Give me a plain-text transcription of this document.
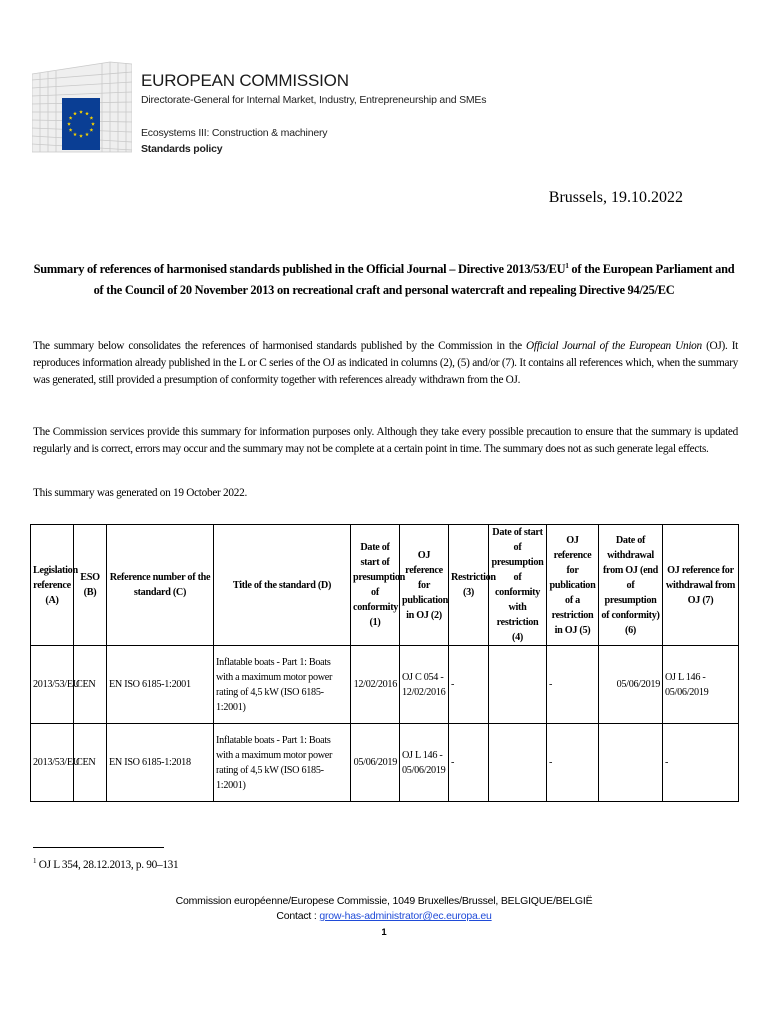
EUROPEAN COMMISSION
Directorate-General for Internal Market, Industry, Entrepreneurship and SMEs
Ecosystems III: Construction & machinery
Standards policy
Brussels, 19.10.2022
Summary of references of harmonised standards published in the Official Journal – Directive $2013/53/EU^1$ of the European Parliament and of the Council of 20 November 2013 on recreational craft and personal watercraft and repealing Directive 94/25/EC
The summary below consolidates the references of harmonised standards published by the Commission in the Official Journal of the European Union (OJ). It reproduces information already published in the L or C series of the OJ as indicated in columns (2), (5) and/or (7). It contains all references which, when the summary was generated, still provided a presumption of conformity together with references already withdrawn from the OJ.
The Commission services provide this summary for information purposes only. Although they take every possible precaution to ensure that the summary is updated regularly and is correct, errors may occur and the summary may not be complete at a certain point in time. The summary does not as such generate legal effects.
This summary was generated on 19 October 2022.
Legislation reference (A)	ESO (B)	Reference number of the standard (C)	Title of the standard (D)	Date of start of presumption of conformity (1)	OJ reference for publication in OJ (2)	Restriction (3)	Date of start of presumption of conformity with restriction (4)	OJ reference for publication of a restriction in OJ (5)	Date of withdrawal from OJ (end of presumption of conformity) (6)	OJ reference for withdrawal from OJ (7)
2013/53/EU	CEN	EN ISO 6185-1:2001	Inflatable boats - Part 1: Boats with a maximum motor power rating of 4,5 kW (ISO 6185-1:2001)	12/02/2016	OJ C 054 - 12/02/2016	-		-	05/06/2019	OJ L 146 - 05/06/2019
2013/53/EU	CEN	EN ISO 6185-1:2018	Inflatable boats - Part 1: Boats with a maximum motor power rating of 4,5 kW (ISO 6185-1:2001)	05/06/2019	OJ L 146 - 05/06/2019	-		-		-
$^1$ OJ L 354, 28.12.2013, p. 90–131
Commission européenne/Europese Commissie, 1049 Bruxelles/Brussel, BELGIQUE/BELGIË
Contact : grow-has-administrator@ec.europa.eu
1
